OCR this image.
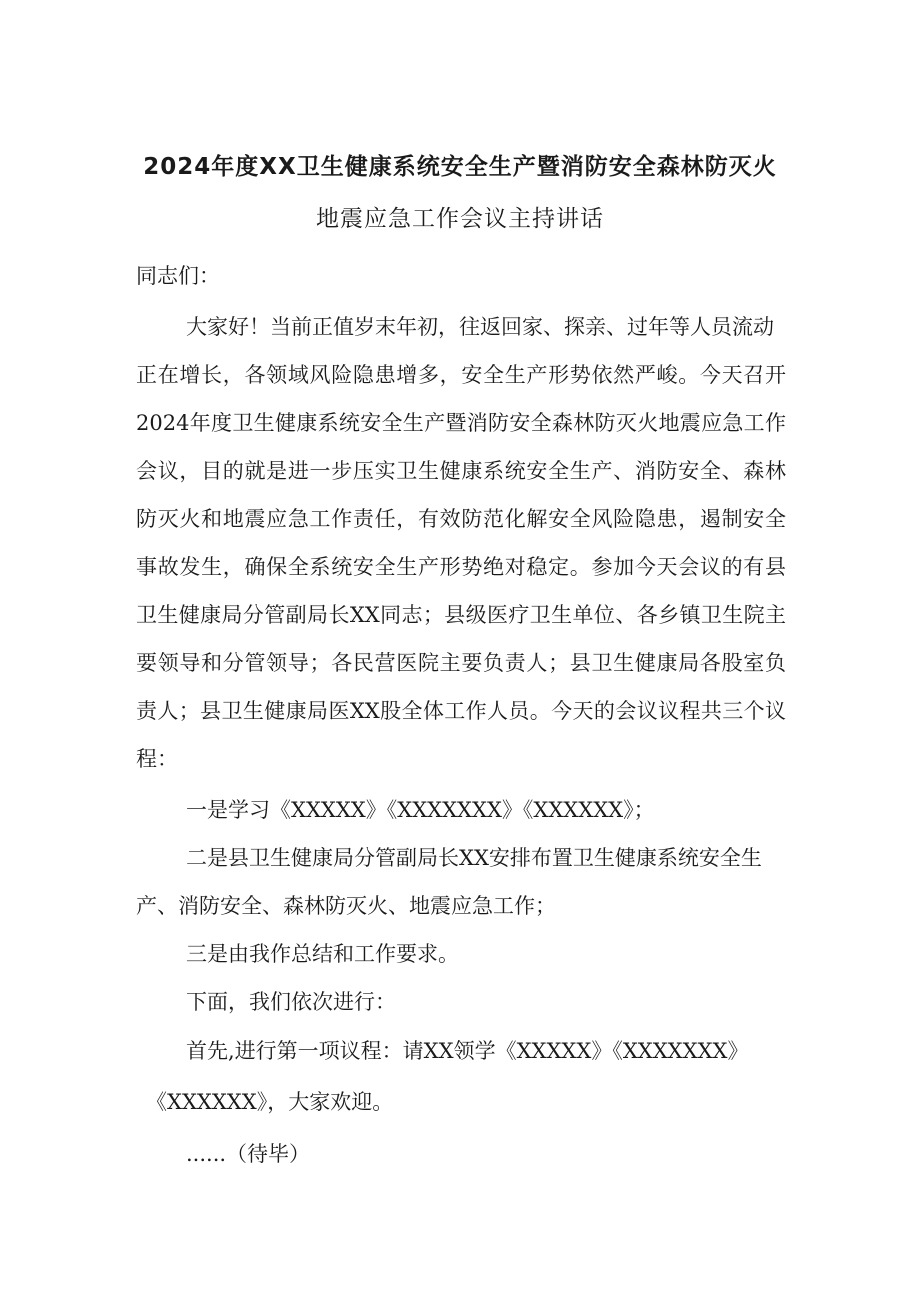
2024年度XX卫生健康系统安全生产暨消防安全森林防灭火
地震应急工作会议主持讲话
同志们：
大家好！当前正值岁末年初，往返回家、探亲、过年等人员流动
正在增长，各领域风险隐患增多，安全生产形势依然严峻。今天召开
2024年度卫生健康系统安全生产暨消防安全森林防灭火地震应急工作
会议，目的就是进一步压实卫生健康系统安全生产、消防安全、森林
防灭火和地震应急工作责任，有效防范化解安全风险隐患，遏制安全
事故发生，确保全系统安全生产形势绝对稳定。参加今天会议的有县
卫生健康局分管副局长XX同志；县级医疗卫生单位、各乡镇卫生院主
要领导和分管领导；各民营医院主要负责人；县卫生健康局各股室负
责人；县卫生健康局医XX股全体工作人员。今天的会议议程共三个议
程：
一是学习《XXXXX》《XXXXXXX》《XXXXXX》；
二是县卫生健康局分管副局长XX安排布置卫生健康系统安全生
产、消防安全、森林防灭火、地震应急工作；
三是由我作总结和工作要求。
下面，我们依次进行：
首先,进行第一项议程：请XX领学《XXXXX》《XXXXXXX》
《XXXXXX》，大家欢迎。
......（待毕）
